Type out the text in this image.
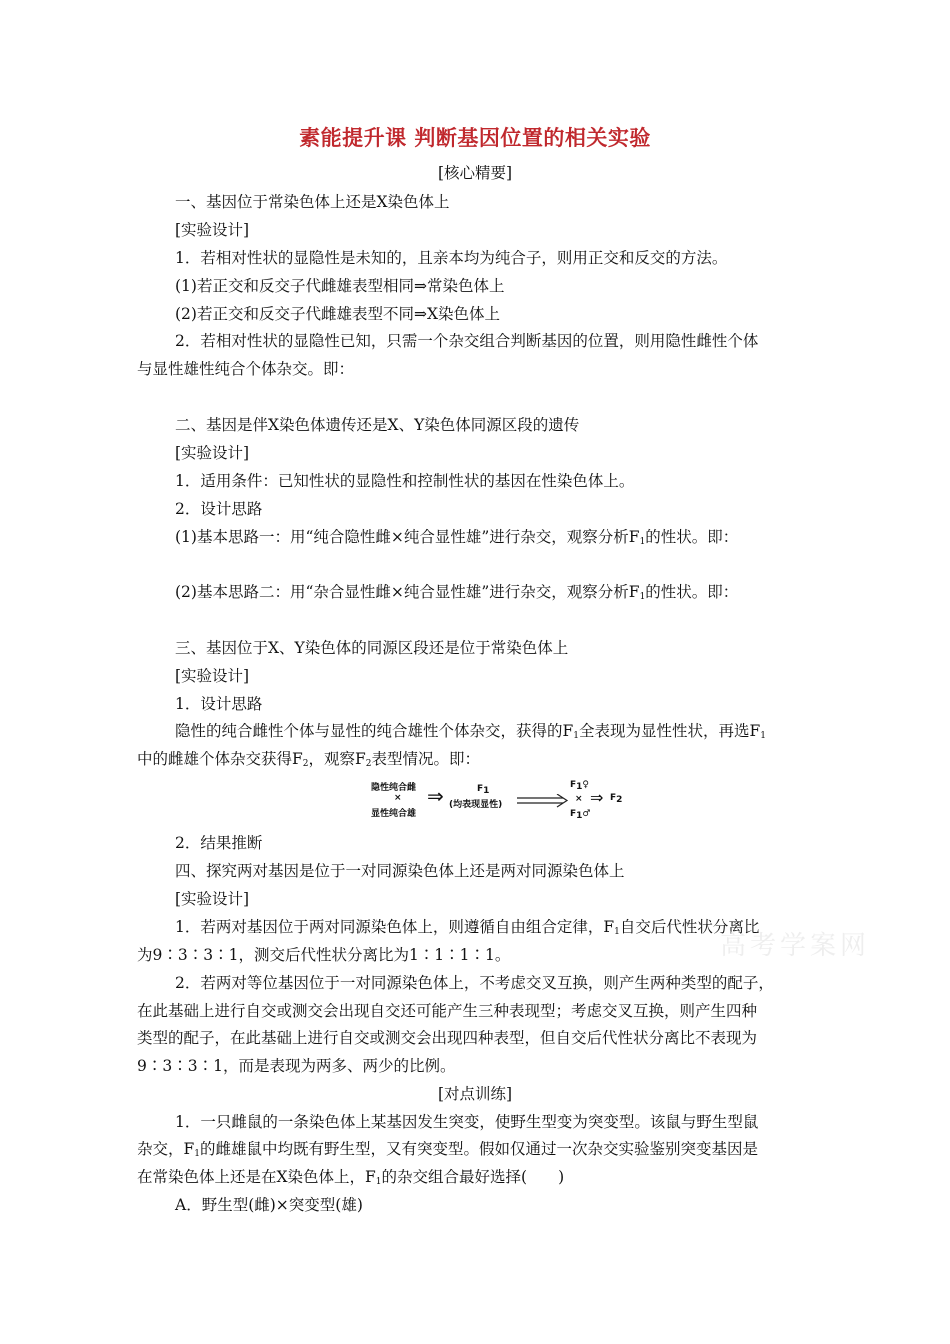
素能提升课 判断基因位置的相关实验
[核心精要]
一、基因位于常染色体上还是X染色体上
[实验设计]
1．若相对性状的显隐性是未知的，且亲本均为纯合子，则用正交和反交的方法。
(1)若正交和反交子代雌雄表型相同⇒常染色体上
(2)若正交和反交子代雌雄表型不同⇒X染色体上
2．若相对性状的显隐性已知，只需一个杂交组合判断基因的位置，则用隐性雌性个体
与显性雄性纯合个体杂交。即：
二、基因是伴X染色体遗传还是X、Y染色体同源区段的遗传
[实验设计]
1．适用条件：已知性状的显隐性和控制性状的基因在性染色体上。
2．设计思路
(1)基本思路一：用“纯合隐性雌×纯合显性雄”进行杂交，观察分析$F_1$的性状。即：
(2)基本思路二：用“杂合显性雌×纯合显性雄”进行杂交，观察分析$F_1$的性状。即：
三、基因位于X、Y染色体的同源区段还是位于常染色体上
[实验设计]
1．设计思路
隐性的纯合雌性个体与显性的纯合雄性个体杂交，获得的$F_1$全表现为显性性状，再选$F_1$
中的雌雄个体杂交获得$F_2$，观察$F_2$表型情况。即：
隐性纯合雌
×
显性纯合雄
⇒	$F_1$
(均表现显性)
$F_1♀$
×
$F_1♂$
⇒ $F_2$
2．结果推断
四、探究两对基因是位于一对同源染色体上还是两对同源染色体上
[实验设计]
1．若两对基因位于两对同源染色体上，则遵循自由组合定律，$F_1$自交后代性状分离比
为9∶3∶3∶1，测交后代性状分离比为1∶1∶1∶1。
2．若两对等位基因位于一对同源染色体上，不考虑交叉互换，则产生两种类型的配子，
在此基础上进行自交或测交会出现自交还可能产生三种表现型；考虑交叉互换，则产生四种
类型的配子，在此基础上进行自交或测交会出现四种表型，但自交后代性状分离比不表现为
9∶3∶3∶1，而是表现为两多、两少的比例。
[对点训练]
1．一只雌鼠的一条染色体上某基因发生突变，使野生型变为突变型。该鼠与野生型鼠
杂交，$F_1$的雌雄鼠中均既有野生型，又有突变型。假如仅通过一次杂交实验鉴别突变基因是
在常染色体上还是在X染色体上，$F_1$的杂交组合最好选择(　　)
A．野生型(雌)×突变型(雄)
高考学案网
